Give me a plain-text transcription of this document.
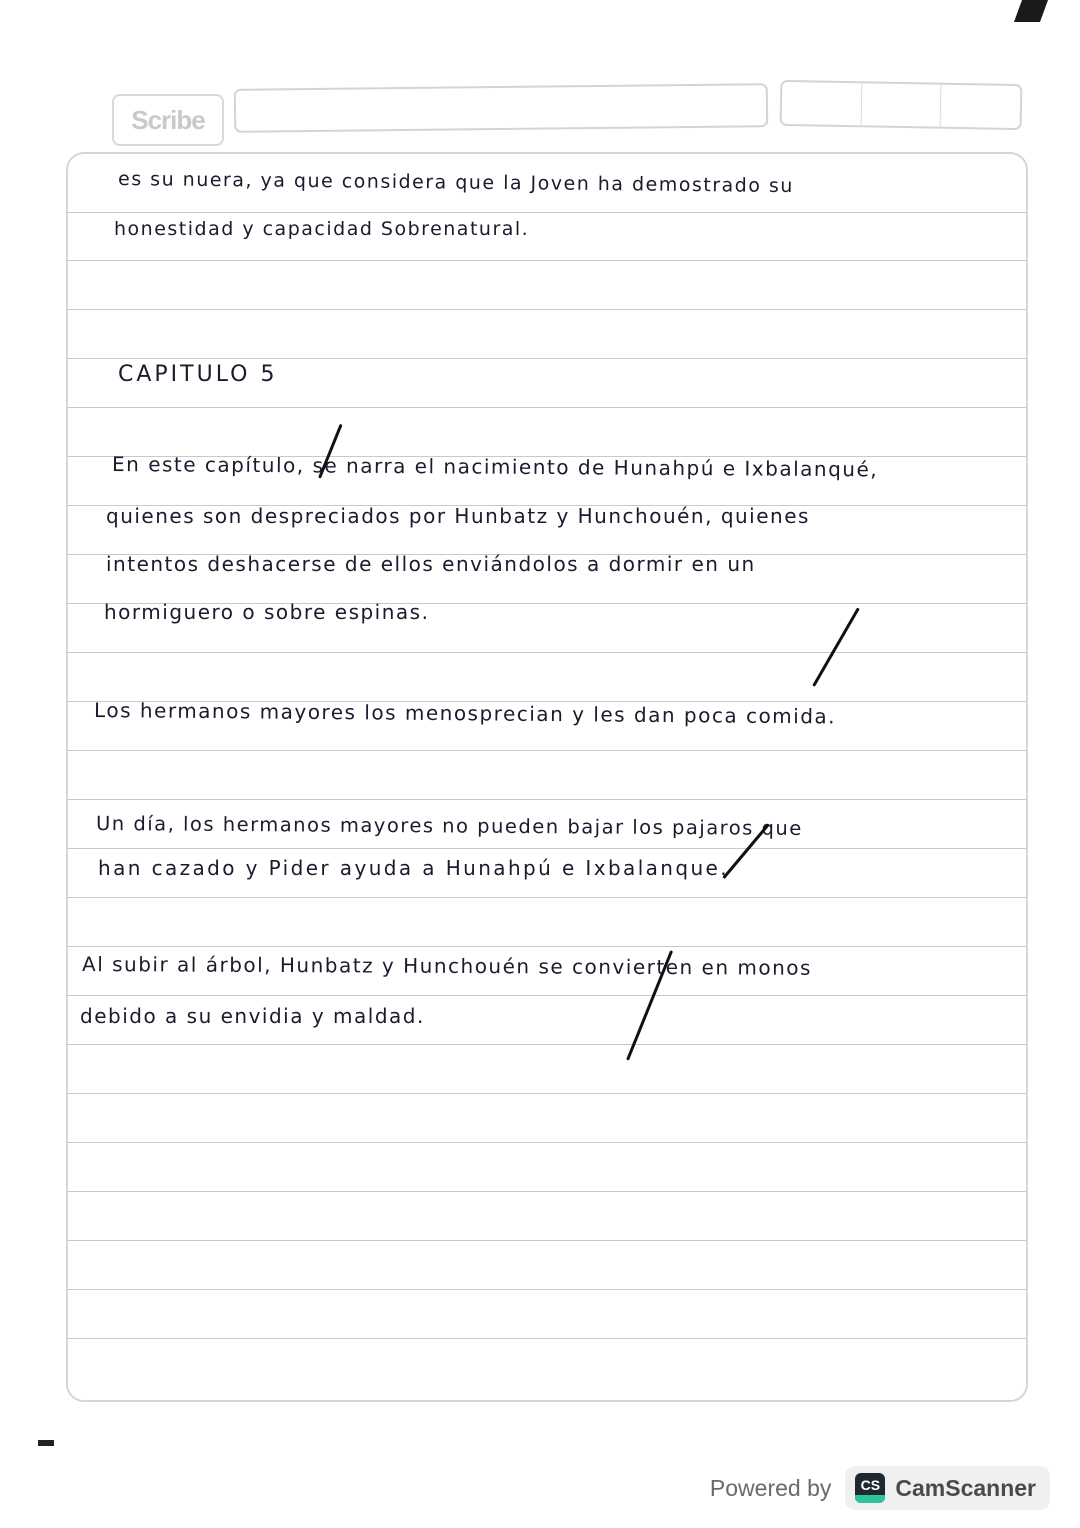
Scribe
es su nuera, ya que considera que la Joven ha demostrado su
honestidad y capacidad Sobrenatural.
CAPITULO 5
En este capítulo, se narra el nacimiento de Hunahpú e Ixbalanqué,
quienes son despreciados por Hunbatz y Hunchouén, quienes
intentos deshacerse de ellos enviándolos a dormir en un
hormiguero o sobre espinas.
Los hermanos mayores los menosprecian y les dan poca comida.
Un día, los hermanos mayores no pueden bajar los pajaros que
han cazado y Pider ayuda a Hunahpú e Ixbalanque.
Al subir al árbol, Hunbatz y Hunchouén se convierten en monos
debido a su envidia y maldad.
Powered by CS CamScanner
